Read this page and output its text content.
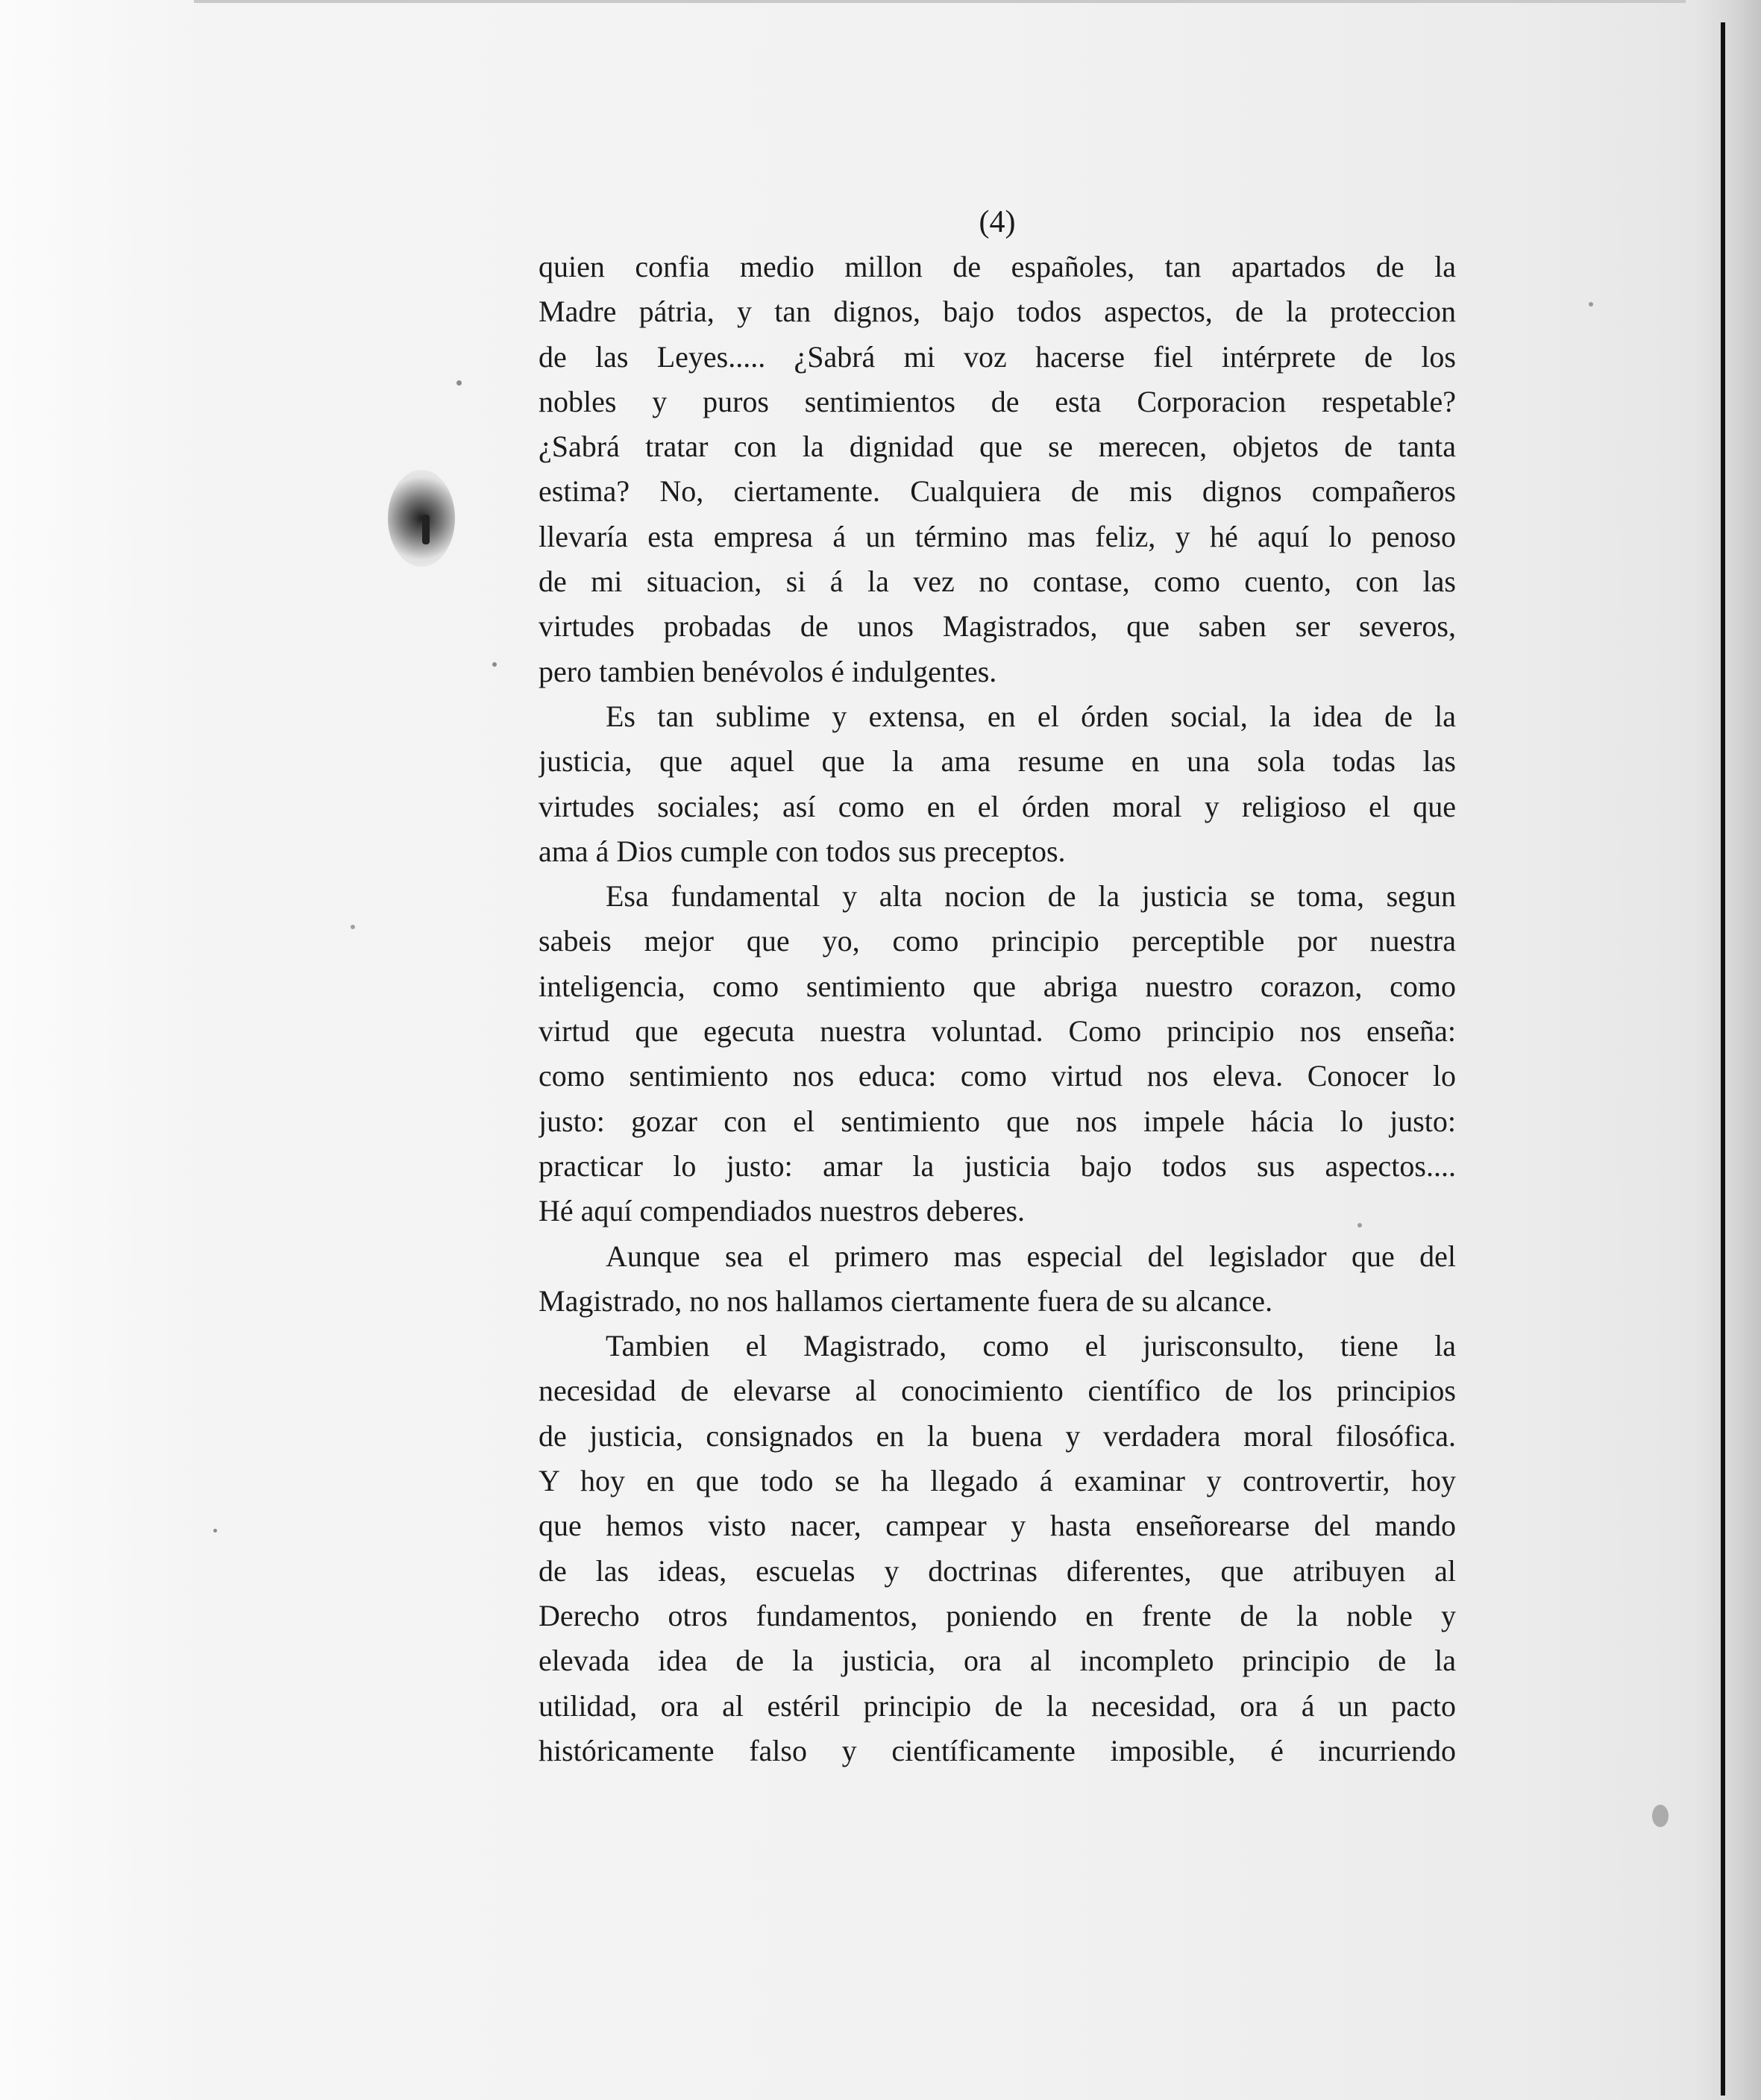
(4)
quien confia medio millon de españoles, tan apartados de la
Madre pátria, y tan dignos, bajo todos aspectos, de la proteccion
de las Leyes..... ¿Sabrá mi voz hacerse fiel intérprete de los
nobles y puros sentimientos de esta Corporacion respetable?
¿Sabrá tratar con la dignidad que se merecen, objetos de tanta
estima? No, ciertamente. Cualquiera de mis dignos compañeros
llevaría esta empresa á un término mas feliz, y hé aquí lo penoso
de mi situacion, si á la vez no contase, como cuento, con las
virtudes probadas de unos Magistrados, que saben ser severos,
pero tambien benévolos é indulgentes.
Es tan sublime y extensa, en el órden social, la idea de la
justicia, que aquel que la ama resume en una sola todas las
virtudes sociales; así como en el órden moral y religioso el que
ama á Dios cumple con todos sus preceptos.
Esa fundamental y alta nocion de la justicia se toma, segun
sabeis mejor que yo, como principio perceptible por nuestra
inteligencia, como sentimiento que abriga nuestro corazon, como
virtud que egecuta nuestra voluntad. Como principio nos enseña:
como sentimiento nos educa: como virtud nos eleva. Conocer lo
justo: gozar con el sentimiento que nos impele hácia lo justo:
practicar lo justo: amar la justicia bajo todos sus aspectos....
Hé aquí compendiados nuestros deberes.
Aunque sea el primero mas especial del legislador que del
Magistrado, no nos hallamos ciertamente fuera de su alcance.
Tambien el Magistrado, como el jurisconsulto, tiene la
necesidad de elevarse al conocimiento científico de los principios
de justicia, consignados en la buena y verdadera moral filosófica.
Y hoy en que todo se ha llegado á examinar y controvertir, hoy
que hemos visto nacer, campear y hasta enseñorearse del mando
de las ideas, escuelas y doctrinas diferentes, que atribuyen al
Derecho otros fundamentos, poniendo en frente de la noble y
elevada idea de la justicia, ora al incompleto principio de la
utilidad, ora al estéril principio de la necesidad, ora á un pacto
históricamente falso y científicamente imposible, é incurriendo
